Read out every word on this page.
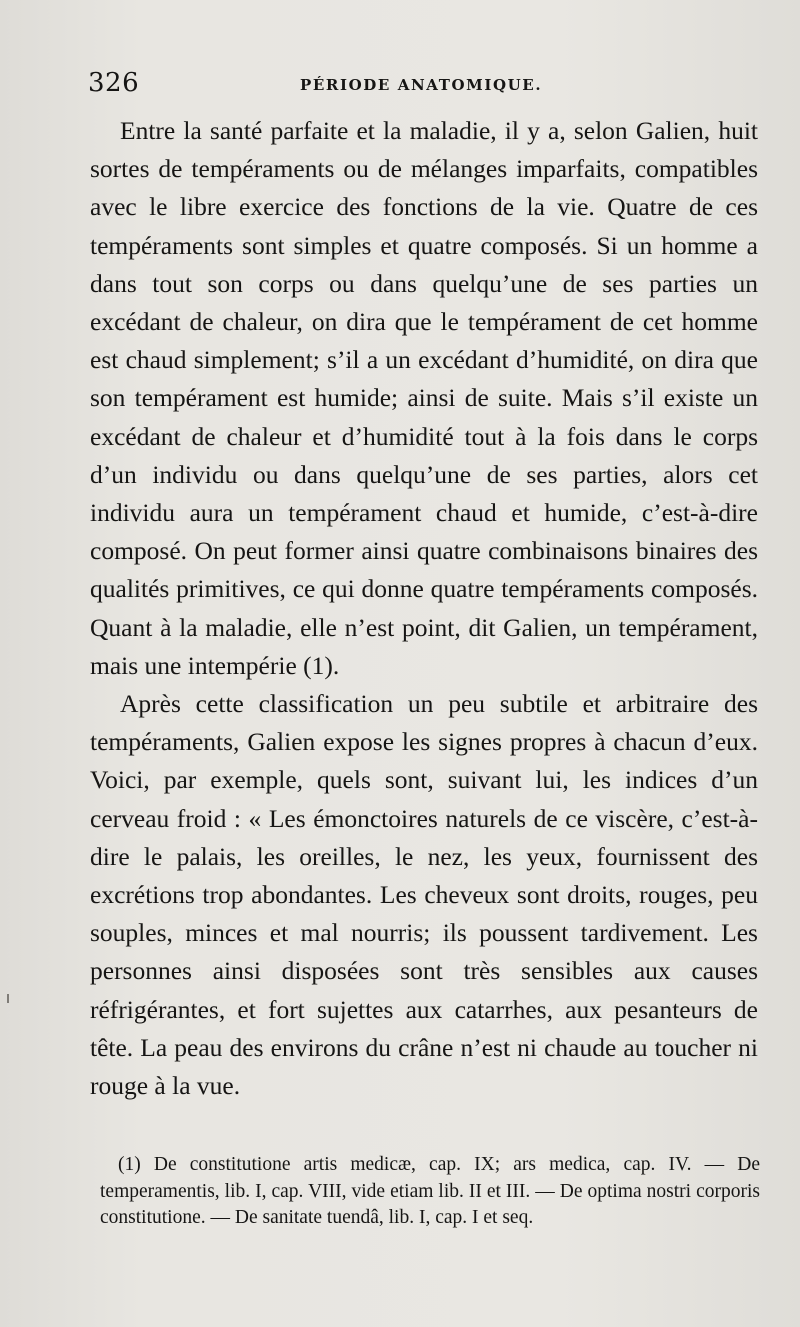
326	PÉRIODE ANATOMIQUE.

Entre la santé parfaite et la maladie, il y a, selon Galien, huit sortes de tempéraments ou de mélanges imparfaits, compatibles avec le libre exercice des fonctions de la vie. Quatre de ces tempéraments sont simples et quatre composés. Si un homme a dans tout son corps ou dans quelqu’une de ses parties un excédant de chaleur, on dira que le tempérament de cet homme est chaud simplement; s’il a un excédant d’humidité, on dira que son tempérament est humide; ainsi de suite. Mais s’il existe un excédant de chaleur et d’humidité tout à la fois dans le corps d’un individu ou dans quelqu’une de ses parties, alors cet individu aura un tempérament chaud et humide, c’est-à-dire composé. On peut former ainsi quatre combinaisons binaires des qualités primitives, ce qui donne quatre tempéraments composés. Quant à la maladie, elle n’est point, dit Galien, un tempérament, mais une intempérie (1).

Après cette classification un peu subtile et arbitraire des tempéraments, Galien expose les signes propres à chacun d’eux. Voici, par exemple, quels sont, suivant lui, les indices d’un cerveau froid : « Les émonctoires naturels de ce viscère, c’est-à-dire le palais, les oreilles, le nez, les yeux, fournissent des excrétions trop abondantes. Les cheveux sont droits, rouges, peu souples, minces et mal nourris; ils poussent tardivement. Les personnes ainsi disposées sont très sensibles aux causes réfrigérantes, et fort sujettes aux catarrhes, aux pesanteurs de tête. La peau des environs du crâne n’est ni chaude au toucher ni rouge à la vue.

(1) De constitutione artis medicæ, cap. IX; ars medica, cap. IV. — De temperamentis, lib. I, cap. VIII, vide etiam lib. II et III. — De optima nostri corporis constitutione. — De sanitate tuendâ, lib. I, cap. I et seq.
